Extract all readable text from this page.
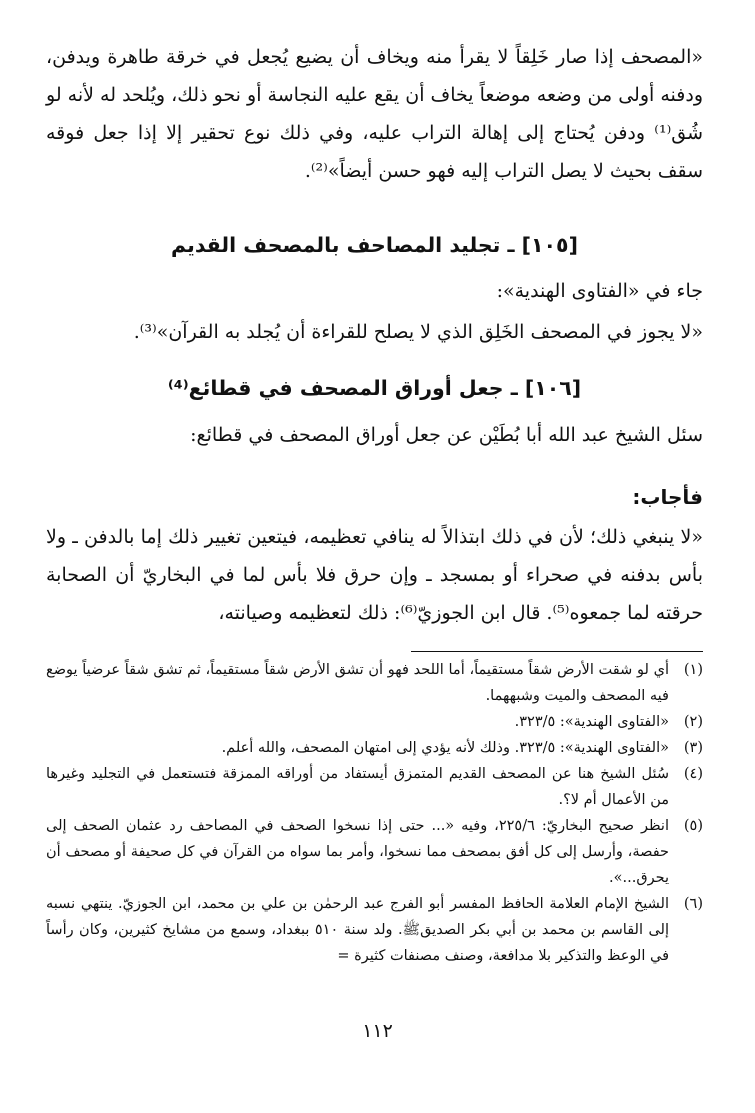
«المصحف إذا صار خَلِقاً لا يقرأ منه ويخاف أن يضيع يُجعل في خرقة طاهرة ويدفن، ودفنه أولى من وضعه موضعاً يخاف أن يقع عليه النجاسة أو نحو ذلك، ويُلحد له لأنه لو شُق⁽¹⁾ ودفن يُحتاج إلى إهالة التراب عليه، وفي ذلك نوع تحقير إلا إذا جعل فوقه سقف بحيث لا يصل التراب إليه فهو حسن أيضاً»⁽²⁾.

[١٠٥] ـ تجليد المصاحف بالمصحف القديم

جاء في «الفتاوى الهندية»:

«لا يجوز في المصحف الخَلِق الذي لا يصلح للقراءة أن يُجلد به القرآن»⁽³⁾.

[١٠٦] ـ جعل أوراق المصحف في قطائع⁽⁴⁾

سئل الشيخ عبد الله أبا بُطَيْن عن جعل أوراق المصحف في قطائع:

فأجاب:

«لا ينبغي ذلك؛ لأن في ذلك ابتذالاً له ينافي تعظيمه، فيتعين تغيير ذلك إما بالدفن ـ ولا بأس بدفنه في صحراء أو بمسجد ـ وإن حرق فلا بأس لما في البخاريّ أن الصحابة حرقته لما جمعوه⁽⁵⁾. قال ابن الجوزيّ⁽⁶⁾: ذلك لتعظيمه وصيانته،

(١)
أي لو شقت الأرض شقاً مستقيماً، أما اللحد فهو أن تشق الأرض شقاً مستقيماً، ثم تشق شقاً عرضياً يوضع فيه المصحف والميت وشبههما.
(٢)
«الفتاوى الهندية»: ٣٢٣/٥.
(٣)
«الفتاوى الهندية»: ٣٢٣/٥. وذلك لأنه يؤدي إلى امتهان المصحف، والله أعلم.
(٤)
سُئل الشيخ هنا عن المصحف القديم المتمزق أيستفاد من أوراقه الممزقة فتستعمل في التجليد وغيرها من الأعمال أم لا؟.
(٥)
انظر صحيح البخاريّ: ٢٢٥/٦، وفيه «... حتى إذا نسخوا الصحف في المصاحف رد عثمان الصحف إلى حفصة، وأرسل إلى كل أفق بمصحف مما نسخوا، وأمر بما سواه من القرآن في كل صحيفة أو مصحف أن يحرق...».
(٦)
الشيخ الإمام العلامة الحافظ المفسر أبو الفرج عبد الرحمٰن بن علي بن محمد، ابن الجوزيّ. ينتهي نسبه إلى القاسم بن محمد بن أبي بكر الصديقﷺ. ولد سنة ٥١٠ ببغداد، وسمع من مشايخ كثيرين، وكان رأساً في الوعظ والتذكير بلا مدافعة، وصنف مصنفات كثيرة =
١١٢
